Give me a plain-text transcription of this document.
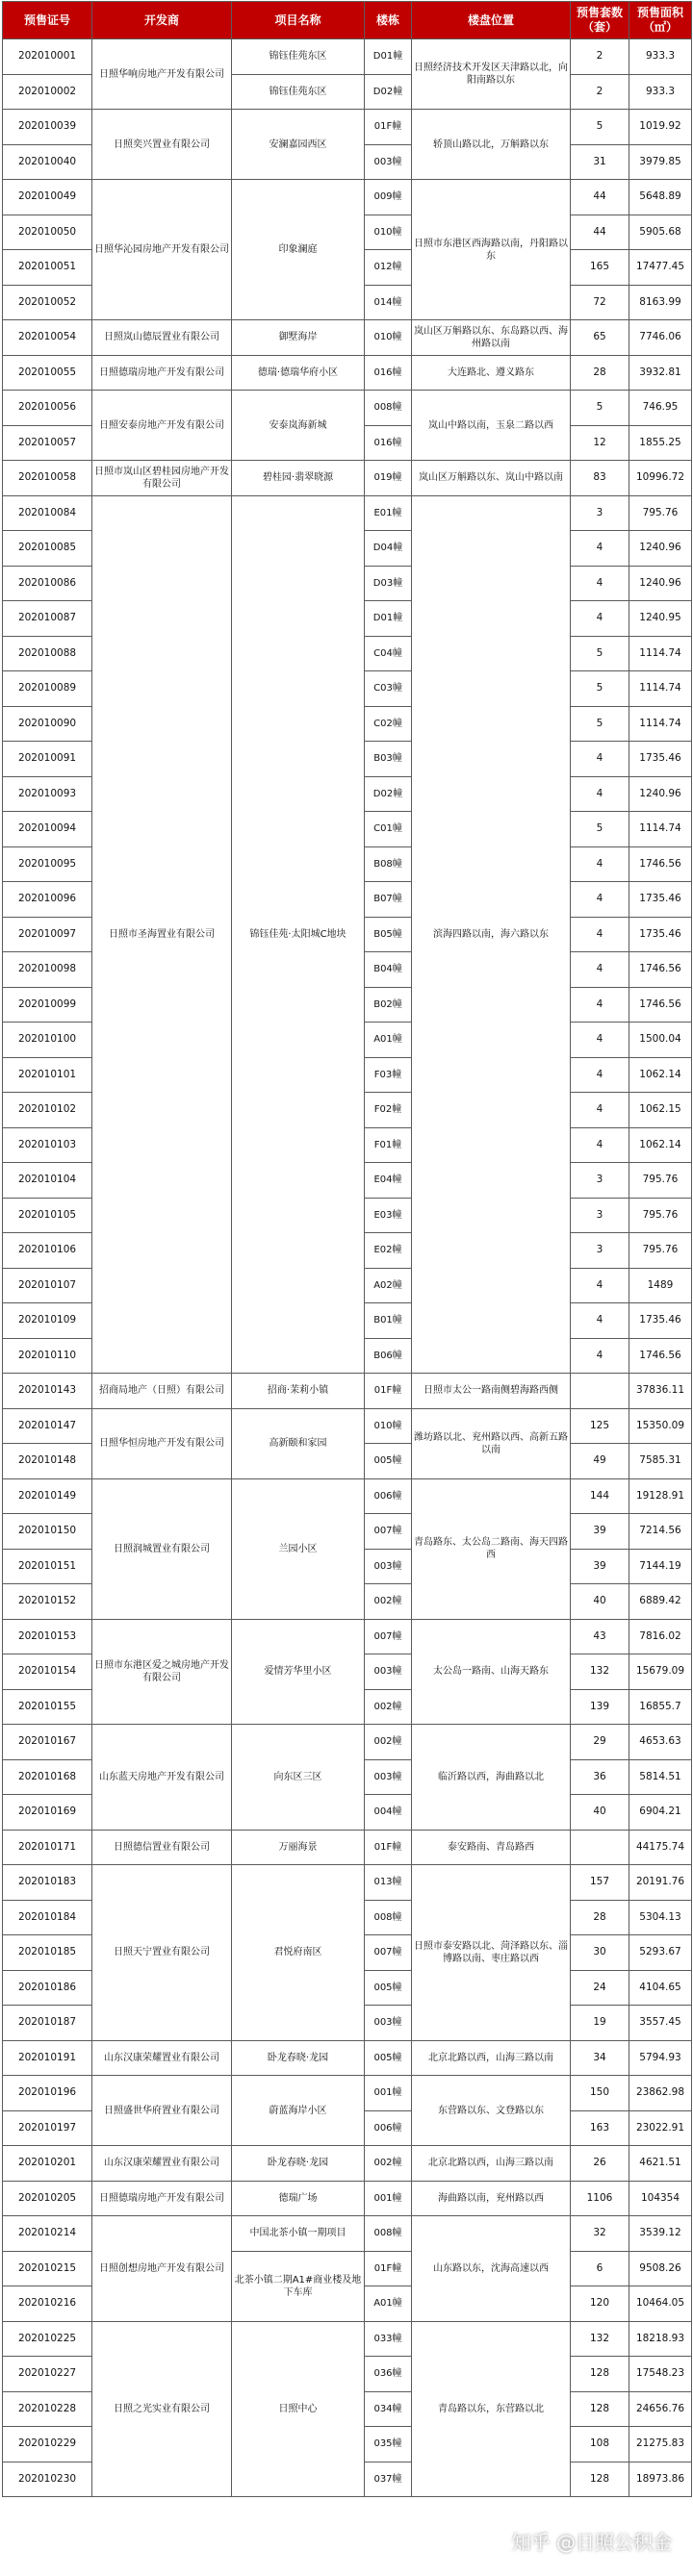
预售证号	开发商	项目名称	楼栋	楼盘位置	预售套数（套）	预售面积（㎡）
202010001	日照华响房地产开发有限公司	锦钰佳苑东区	D01幢	日照经济技术开发区天津路以北，向阳南路以东	2	933.3
202010002		锦钰佳苑东区	D02幢		2	933.3
202010039	日照奕兴置业有限公司	安澜嘉园西区	01F幢	轿顶山路以北，万斛路以东	5	1019.92
202010040			003幢		31	3979.85
202010049	日照华沁园房地产开发有限公司	印象澜庭	009幢	日照市东港区西海路以南，丹阳路以东	44	5648.89
202010050			010幢		44	5905.68
202010051			012幢		165	17477.45
202010052			014幢		72	8163.99
202010054	日照岚山德辰置业有限公司	御墅海岸	010幢	岚山区万斛路以东、东岛路以西、海州路以南	65	7746.06
202010055	日照德瑞房地产开发有限公司	德瑞·德瑞华府小区	016幢	大连路北、遵义路东	28	3932.81
202010056	日照安泰房地产开发有限公司	安泰岚海新城	008幢	岚山中路以南，玉泉二路以西	5	746.95
202010057			016幢		12	1855.25
202010058	日照市岚山区碧桂园房地产开发有限公司	碧桂园·翡翠晓源	019幢	岚山区万斛路以东、岚山中路以南	83	10996.72
202010084	日照市圣海置业有限公司	锦钰佳苑·太阳城C地块	E01幢	滨海四路以南，海六路以东	3	795.76
202010085			D04幢		4	1240.96
202010086			D03幢		4	1240.96
202010087			D01幢		4	1240.95
202010088			C04幢		5	1114.74
202010089			C03幢		5	1114.74
202010090			C02幢		5	1114.74
202010091			B03幢		4	1735.46
202010093			D02幢		4	1240.96
202010094			C01幢		5	1114.74
202010095			B08幢		4	1746.56
202010096			B07幢		4	1735.46
202010097			B05幢		4	1735.46
202010098			B04幢		4	1746.56
202010099			B02幢		4	1746.56
202010100			A01幢		4	1500.04
202010101			F03幢		4	1062.14
202010102			F02幢		4	1062.15
202010103			F01幢		4	1062.14
202010104			E04幢		3	795.76
202010105			E03幢		3	795.76
202010106			E02幢		3	795.76
202010107			A02幢		4	1489
202010109			B01幢		4	1735.46
202010110			B06幢		4	1746.56
202010143	招商局地产（日照）有限公司	招商·茉莉小镇	01F幢	日照市太公一路南侧碧海路西侧		37836.11
202010147	日照华恒房地产开发有限公司	高新颐和家园	010幢	潍坊路以北、兖州路以西、高新五路以南	125	15350.09
202010148			005幢		49	7585.31
202010149	日照润城置业有限公司	兰园小区	006幢	青岛路东、太公岛二路南、海天四路西	144	19128.91
202010150			007幢		39	7214.56
202010151			003幢		39	7144.19
202010152			002幢		40	6889.42
202010153	日照市东港区爱之城房地产开发有限公司	爱情芳华里小区	007幢	太公岛一路南、山海天路东	43	7816.02
202010154			003幢		132	15679.09
202010155			002幢		139	16855.7
202010167	山东蓝天房地产开发有限公司	向东区三区	002幢	临沂路以西，海曲路以北	29	4653.63
202010168			003幢		36	5814.51
202010169			004幢		40	6904.21
202010171	日照德信置业有限公司	万丽海景	01F幢	泰安路南、青岛路西		44175.74
202010183	日照天宁置业有限公司	君悦府南区	013幢	日照市泰安路以北、菏泽路以东、淄博路以南、枣庄路以西	157	20191.76
202010184			008幢		28	5304.13
202010185			007幢		30	5293.67
202010186			005幢		24	4104.65
202010187			003幢		19	3557.45
202010191	山东汉康荣耀置业有限公司	卧龙春晓·龙园	005幢	北京北路以西，山海三路以南	34	5794.93
202010196	日照盛世华府置业有限公司	蔚蓝海岸小区	001幢	东营路以东、文登路以东	150	23862.98
202010197			006幢		163	23022.91
202010201	山东汉康荣耀置业有限公司	卧龙春晓·龙园	002幢	北京北路以西，山海三路以南	26	4621.51
202010205	日照德瑞房地产开发有限公司	德瑞广场	001幢	海曲路以南，兖州路以西	1106	104354
202010214	日照创想房地产开发有限公司	中国北茶小镇一期项目	008幢	山东路以东，沈海高速以西	32	3539.12
202010215		北茶小镇二期A1#商业楼及地下车库	01F幢		6	9508.26
202010216			A01幢		120	10464.05
202010225	日照之光实业有限公司	日照中心	033幢	青岛路以东，东营路以北	132	18218.93
202010227			036幢		128	17548.23
202010228			034幢		128	24656.76
202010229			035幢		108	21275.83
202010230			037幢		128	18973.86
知乎 @日照公积金
